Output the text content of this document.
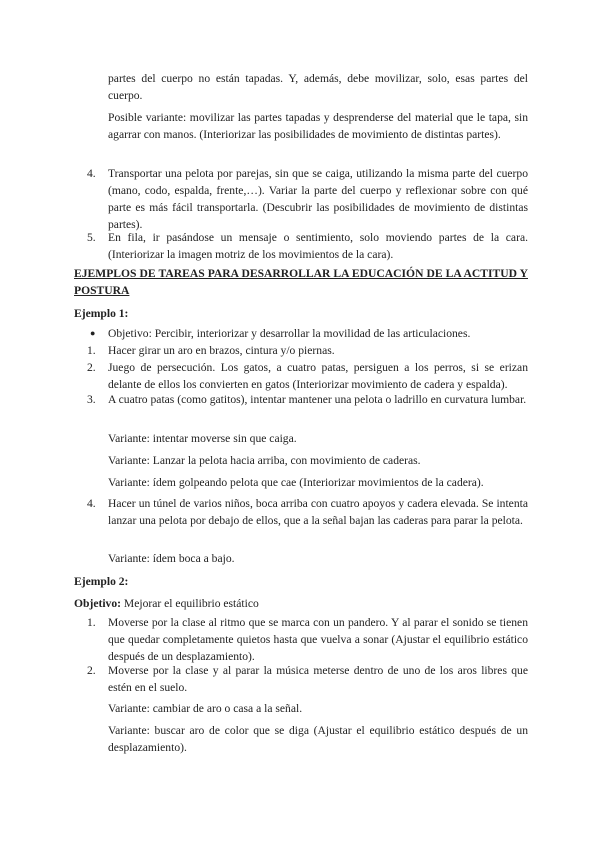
partes del cuerpo no están tapadas. Y, además, debe movilizar, solo, esas partes del cuerpo.

Posible variante: movilizar las partes tapadas y desprenderse del material que le tapa, sin agarrar con manos. (Interiorizar las posibilidades de movimiento de distintas partes).

4. Transportar una pelota por parejas, sin que se caiga, utilizando la misma parte del cuerpo (mano, codo, espalda, frente,…). Variar la parte del cuerpo y reflexionar sobre con qué parte es más fácil transportarla. (Descubrir las posibilidades de movimiento de distintas partes).

5. En fila, ir pasándose un mensaje o sentimiento, solo moviendo partes de la cara. (Interiorizar la imagen motriz de los movimientos de la cara).

EJEMPLOS DE TAREAS PARA DESARROLLAR LA EDUCACIÓN DE LA ACTITUD Y POSTURA

Ejemplo 1:

● Objetivo: Percibir, interiorizar y desarrollar la movilidad de las articulaciones.

1. Hacer girar un aro en brazos, cintura y/o piernas.

2. Juego de persecución. Los gatos, a cuatro patas, persiguen a los perros, si se erizan delante de ellos los convierten en gatos (Interiorizar movimiento de cadera y espalda).

3. A cuatro patas (como gatitos), intentar mantener una pelota o ladrillo en curvatura lumbar.

Variante: intentar moverse sin que caiga.

Variante: Lanzar la pelota hacia arriba, con movimiento de caderas.

Variante: ídem golpeando pelota que cae (Interiorizar movimientos de la cadera).

4. Hacer un túnel de varios niños, boca arriba con cuatro apoyos y cadera elevada. Se intenta lanzar una pelota por debajo de ellos, que a la señal bajan las caderas para parar la pelota.

Variante: ídem boca a bajo.

Ejemplo 2:

Objetivo: Mejorar el equilibrio estático

1. Moverse por la clase al ritmo que se marca con un pandero. Y al parar el sonido se tienen que quedar completamente quietos hasta que vuelva a sonar (Ajustar el equilibrio estático después de un desplazamiento).

2. Moverse por la clase y al parar la música meterse dentro de uno de los aros libres que estén en el suelo.

Variante: cambiar de aro o casa a la señal.

Variante: buscar aro de color que se diga (Ajustar el equilibrio estático después de un desplazamiento).
